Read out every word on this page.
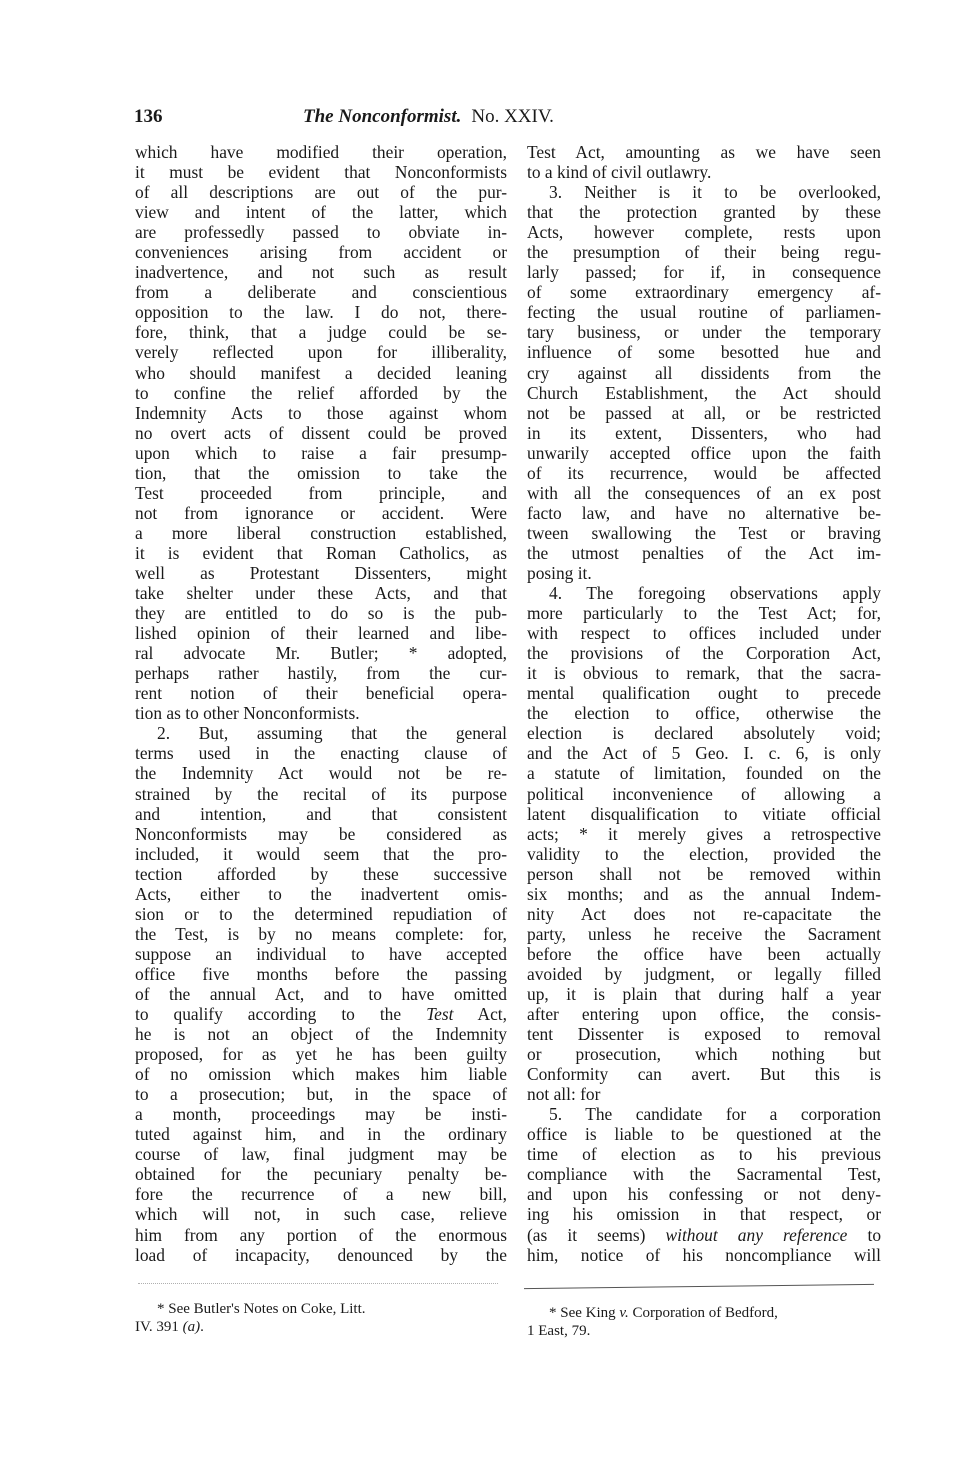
136	The Nonconformist. No. XXIV.
which have modified their operation,
it must be evident that Nonconformists
of all descriptions are out of the pur-
view and intent of the latter, which
are professedly passed to obviate in-
conveniences arising from accident or
inadvertence, and not such as result
from a deliberate and conscientious
opposition to the law. I do not, there-
fore, think, that a judge could be se-
verely reflected upon for illiberality,
who should manifest a decided leaning
to confine the relief afforded by the
Indemnity Acts to those against whom
no overt acts of dissent could be proved
upon which to raise a fair presump-
tion, that the omission to take the
Test proceeded from principle, and
not from ignorance or accident. Were
a more liberal construction established,
it is evident that Roman Catholics, as
well as Protestant Dissenters, might
take shelter under these Acts, and that
they are entitled to do so is the pub-
lished opinion of their learned and libe-
ral advocate Mr. Butler; * adopted,
perhaps rather hastily, from the cur-
rent notion of their beneficial opera-
tion as to other Nonconformists.
2. But, assuming that the general
terms used in the enacting clause of
the Indemnity Act would not be re-
strained by the recital of its purpose
and intention, and that consistent
Nonconformists may be considered as
included, it would seem that the pro-
tection afforded by these successive
Acts, either to the inadvertent omis-
sion or to the determined repudiation of
the Test, is by no means complete: for,
suppose an individual to have accepted
office five months before the passing
of the annual Act, and to have omitted
to qualify according to the Test Act,
he is not an object of the Indemnity
proposed, for as yet he has been guilty
of no omission which makes him liable
to a prosecution; but, in the space of
a month, proceedings may be insti-
tuted against him, and in the ordinary
course of law, final judgment may be
obtained for the pecuniary penalty be-
fore the recurrence of a new bill,
which will not, in such case, relieve
him from any portion of the enormous
load of incapacity, denounced by the
Test Act, amounting as we have seen
to a kind of civil outlawry.
3. Neither is it to be overlooked,
that the protection granted by these
Acts, however complete, rests upon
the presumption of their being regu-
larly passed; for if, in consequence
of some extraordinary emergency af-
fecting the usual routine of parliamen-
tary business, or under the temporary
influence of some besotted hue and
cry against all dissidents from the
Church Establishment, the Act should
not be passed at all, or be restricted
in its extent, Dissenters, who had
unwarily accepted office upon the faith
of its recurrence, would be affected
with all the consequences of an ex post
facto law, and have no alternative be-
tween swallowing the Test or braving
the utmost penalties of the Act im-
posing it.
4. The foregoing observations apply
more particularly to the Test Act; for,
with respect to offices included under
the provisions of the Corporation Act,
it is obvious to remark, that the sacra-
mental qualification ought to precede
the election to office, otherwise the
election is declared absolutely void;
and the Act of 5 Geo. I. c. 6, is only
a statute of limitation, founded on the
political inconvenience of allowing a
latent disqualification to vitiate official
acts; * it merely gives a retrospective
validity to the election, provided the
person shall not be removed within
six months; and as the annual Indem-
nity Act does not re-capacitate the
party, unless he receive the Sacrament
before the office have been actually
avoided by judgment, or legally filled
up, it is plain that during half a year
after entering upon office, the consis-
tent Dissenter is exposed to removal
or prosecution, which nothing but
Conformity can avert. But this is
not all: for
5. The candidate for a corporation
office is liable to be questioned at the
time of election as to his previous
compliance with the Sacramental Test,
and upon his confessing or not deny-
ing his omission in that respect, or
(as it seems) without any reference to
him, notice of his noncompliance will
* See Butler's Notes on Coke, Litt.
IV. 391 (a).
* See King v. Corporation of Bedford,
1 East, 79.
